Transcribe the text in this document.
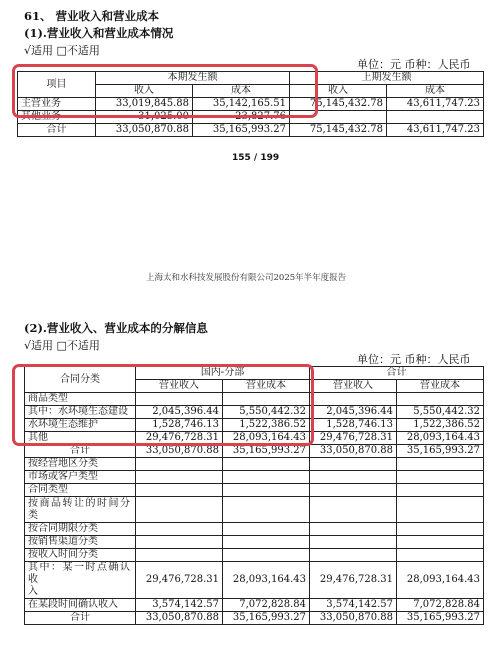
61、 营业收入和营业成本
(1).营业收入和营业成本情况
√适用 □不适用
单位：元 币种：人民币
项目	本期发生额		上期发生额	
	收入	成本	收入	成本
主营业务	33,019,845.88	35,142,165.51	75,145,432.78	43,611,747.23
其他业务	31,025.00	23,827.76		
合计	33,050,870.88	35,165,993.27	75,145,432.78	43,611,747.23
155 / 199
上海太和水科技发展股份有限公司2025年半年度报告
(2).营业收入、营业成本的分解信息
√适用 □不适用
单位：元 币种：人民币
合同分类	国内-分部		合计	
	营业收入	营业成本	营业收入	营业成本
商品类型				
其中：水环境生态建设	2,045,396.44	5,550,442.32	2,045,396.44	5,550,442.32
水环境生态维护	1,528,746.13	1,522,386.52	1,528,746.13	1,522,386.52
其他	29,476,728.31	28,093,164.43	29,476,728.31	28,093,164.43
合计	33,050,870.88	35,165,993.27	33,050,870.88	35,165,993.27
按经营地区分类				
市场或客户类型				
合同类型				

按商品转让的时间分
类				

按合同期限分类				
按销售渠道分类				
按收入时间分类				

其中：某一时点确认收
入	29,476,728.31	28,093,164.43	29,476,728.31	28,093,164.43
在某段时间确认收入	3,574,142.57	7,072,828.84	3,574,142.57	7,072,828.84
合计	33,050,870.88	35,165,993.27	33,050,870.88	35,165,993.27
